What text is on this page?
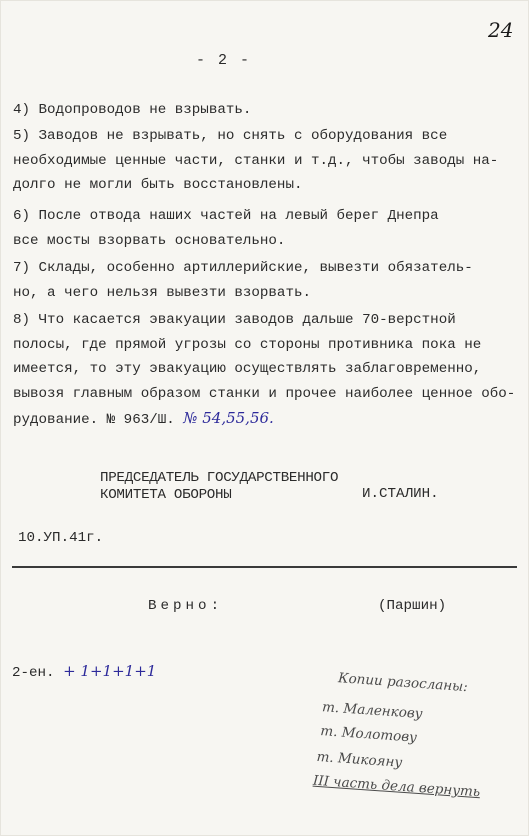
24
- 2 -

4) Водопроводов не взрывать.

5) Заводов не взрывать, но снять с оборудования все
необходимые ценные части, станки и т.д., чтобы заводы на-
долго не могли быть восстановлены.

6) После отвода наших частей на левый берег Днепра
все мосты взорвать основательно.

7) Склады, особенно артиллерийские, вывезти обязатель-
но, а чего нельзя вывезти взорвать.

8) Что касается эвакуации заводов дальше 70-верстной
полосы, где прямой угрозы со стороны противника пока не
имеется, то эту эвакуацию осуществлять заблаговременно,
вывозя главным образом станки и прочее наиболее ценное обо-
рудование. № 963/Ш. № 54,55,56.

ПРЕДСЕДАТЕЛЬ ГОСУДАРСТВЕННОГО
КОМИТЕТА ОБОРОНЫ	И.СТАЛИН.
10.УП.41г.
Верно:	(Паршин)
2-ен. + 1+1+1+1	Копии разосланы:
т. Маленкову
т. Молотову
т. Микояну
III часть дела вернуть
